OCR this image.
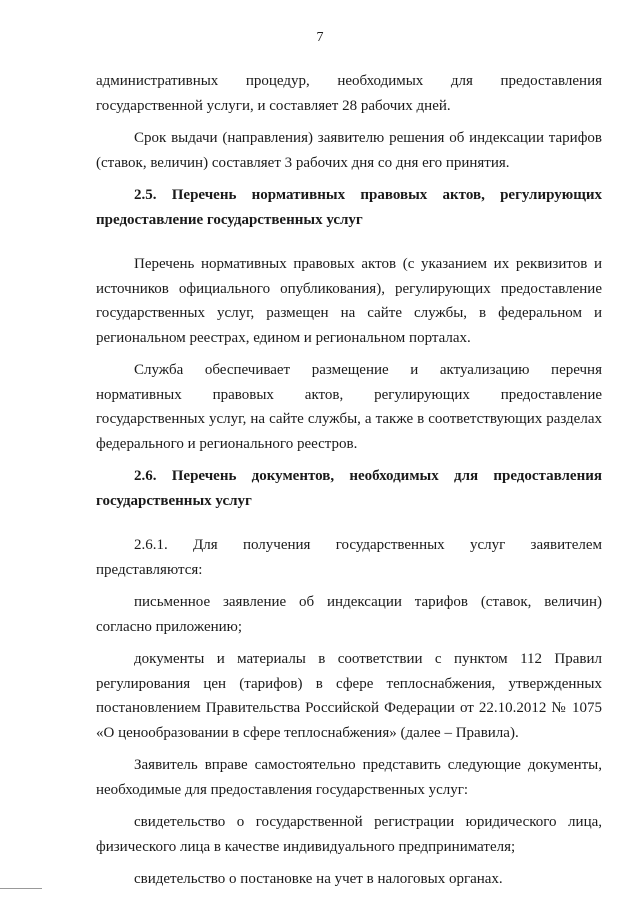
7

административных процедур, необходимых для предоставления государственной услуги, и составляет 28 рабочих дней.

Срок выдачи (направления) заявителю решения об индексации тарифов (ставок, величин) составляет 3 рабочих дня со дня его принятия.

2.5. Перечень нормативных правовых актов, регулирующих предоставление государственных услуг

Перечень нормативных правовых актов (с указанием их реквизитов и источников официального опубликования), регулирующих предоставление государственных услуг, размещен на сайте службы, в федеральном и региональном реестрах, едином и региональном порталах.

Служба обеспечивает размещение и актуализацию перечня нормативных правовых актов, регулирующих предоставление государственных услуг, на сайте службы, а также в соответствующих разделах федерального и регионального реестров.

2.6. Перечень документов, необходимых для предоставления государственных услуг

2.6.1. Для получения государственных услуг заявителем представляются:

письменное заявление об индексации тарифов (ставок, величин) согласно приложению;

документы и материалы в соответствии с пунктом 112 Правил регулирования цен (тарифов) в сфере теплоснабжения, утвержденных постановлением Правительства Российской Федерации от 22.10.2012 № 1075 «О ценообразовании в сфере теплоснабжения» (далее – Правила).

Заявитель вправе самостоятельно представить следующие документы, необходимые для предоставления государственных услуг:

свидетельство о государственной регистрации юридического лица, физического лица в качестве индивидуального предпринимателя;

свидетельство о постановке на учет в налоговых органах.
